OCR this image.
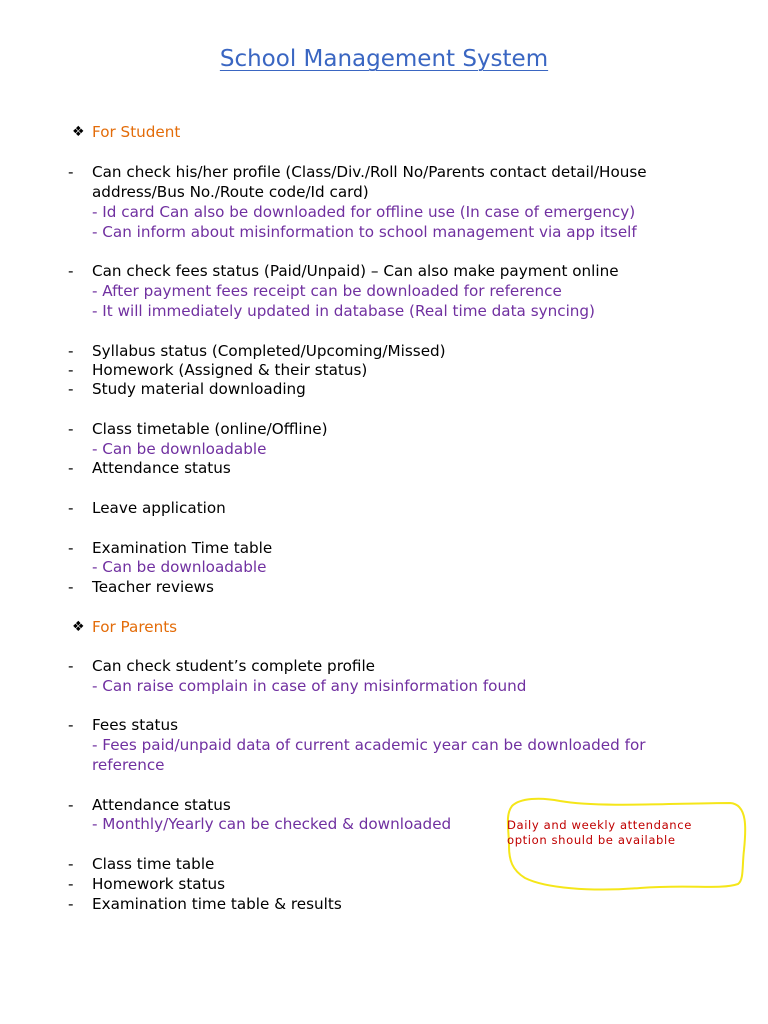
School Management System
❖ For Student
- Can check his/her profile (Class/Div./Roll No/Parents contact detail/House
address/Bus No./Route code/Id card)
- Id card Can also be downloaded for offline use (In case of emergency)
- Can inform about misinformation to school management via app itself
- Can check fees status (Paid/Unpaid) – Can also make payment online
- After payment fees receipt can be downloaded for reference
- It will immediately updated in database (Real time data syncing)
- Syllabus status (Completed/Upcoming/Missed)
- Homework (Assigned & their status)
- Study material downloading
- Class timetable (online/Offline)
- Can be downloadable
- Attendance status
- Leave application
- Examination Time table
- Can be downloadable
- Teacher reviews
❖ For Parents
- Can check student’s complete profile
- Can raise complain in case of any misinformation found
- Fees status
- Fees paid/unpaid data of current academic year can be downloaded for
reference
- Attendance status
- Monthly/Yearly can be checked & downloaded
- Class time table
- Homework status
- Examination time table & results
Daily and weekly attendance
option should be available
